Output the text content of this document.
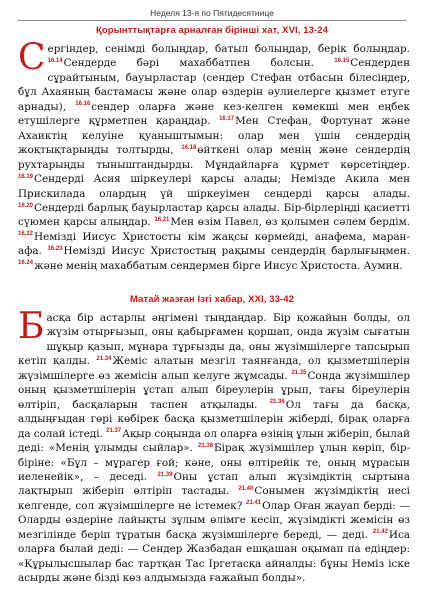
Неделя 13-я по Пятидесятнице
Қорынттықтарға арналған бірінші хат, XVI, 13-24
Сергіндер, сенімді болыңдар, батыл болыңдар, берік болыңдар. $^{16.14}$Сендерде бәрі махаббатпен болсын. $^{16.15}$Сендерден сұрайтыным, бауырластар (сендер Стефан отбасын білесіңдер, бұл Ахаяның бастамасы және олар өздерін әулиелерге қызмет етуге арнады), $^{16.16}$сендер оларға және кез-келген көмекші мен еңбек етушілерге құрметпен қараңдар. $^{16.17}$Мен Стефан, Фортунат және Ахаиктің келуіне қуаныштымын: олар мен үшін сендердің жоқтықтарыңды толтырды, $^{16.18}$өйткені олар менің және сендердің рухтарыңды тыныштандырды. Мұндайларға құрмет көрсетіңдер. $^{16.19}$Сендерді Асия шіркеулері қарсы алады; Немізде Акила мен Прискилада олардың үй шіркеуімен сендерді қарсы алады. $^{16.20}$Сендерді барлық бауырластар қарсы алады. Бір-бірлеріңді қасиетті сүюмен қарсы алыңдар. $^{16.21}$Мен өзім Павел, өз қолымен сәлем бердім. $^{16.22}$Немізді Иисус Христосты кім жақсы көрмейді, анафема, маран-афа. $^{16.23}$Немізді Иисус Христостың рақымы сендердің барлығыңмен. $^{16.24}$және менің махаббатым сендермен бірге Иисус Христоста. Аумин.
Матай жазған Ізгі хабар, XXI, 33-42
Басқа бір астарлы әңгімені тыңдаңдар. Бір қожайын болды, ол жүзім отырғызып, оны қабырғамен қоршап, онда жүзім сығатын шұқыр қазып, мұнара тұрғызды да, оны жүзімшілерге тапсырып кетіп қалды. $^{21.34}$Жеміс алатын мезгіл таянғанда, ол қызметшілерін жүзімшілерге өз жемісін алып келуге жұмсады. $^{21.35}$Сонда жүзімшілер оның қызметшілерін ұстап алып біреулерін ұрып, тағы біреулерін өлтіріп, басқаларын таспен атқылады. $^{21.36}$Ол тағы да басқа, алдыңғыдан гөрі көбірек басқа қызметшілерін жіберді, бірақ оларға да солай істеді. $^{21.37}$Ақыр соңында ол оларға өзінің ұлын жіберіп, былай деді: «Менің ұлымды сыйлар». $^{21.38}$Бірақ жүзімшілер ұлын көріп, бір-біріне: «Бұл – мұрагер ғой; кәне, оны өлтірейік те, оның мұрасын иеленейік», – деседі. $^{21.39}$Оны ұстап алып жүзімдіктің сыртына лақтырып жіберіп өлтіріп тастады. $^{21.40}$Сонымен жүзімдіктің иесі келгенде, сол жүзімшілерге не істемек? $^{21.41}$Олар Оған жауап берді: — Оларды өздеріне лайықты зұлым өлімге кесіп, жүзімдікті жемісін өз мезгілінде беріп тұратын басқа жүзімшілерге береді, — деді. $^{21.42}$Иса оларға былай деді: — Сендер Жазбадан ешқашан оқымап па едіңдер: «Құрылысшылар бас тартқан Тас Іргетасқа айналды: бұны Неміз іске асырды және бізді көз алдымызда ғажайып болды».
